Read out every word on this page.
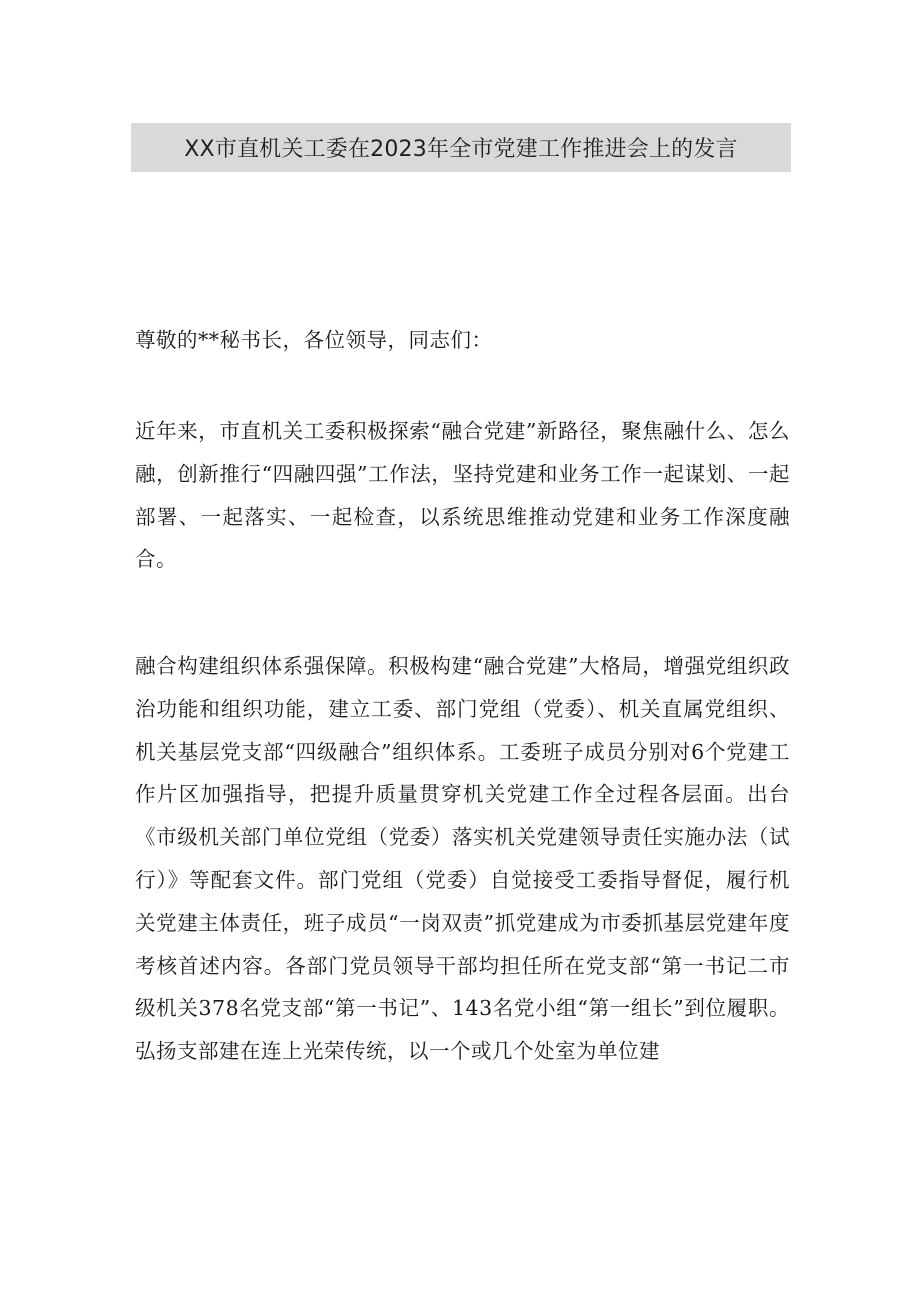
XX市直机关工委在2023年全市党建工作推进会上的发言

尊敬的**秘书长，各位领导，同志们：

近年来，市直机关工委积极探索“融合党建”新路径，聚焦融什么、怎么融，创新推行“四融四强”工作法，坚持党建和业务工作一起谋划、一起部署、一起落实、一起检查，以系统思维推动党建和业务工作深度融合。

融合构建组织体系强保障。积极构建“融合党建”大格局，增强党组织政治功能和组织功能，建立工委、部门党组（党委）、机关直属党组织、机关基层党支部“四级融合”组织体系。工委班子成员分别对6个党建工作片区加强指导，把提升质量贯穿机关党建工作全过程各层面。出台《市级机关部门单位党组（党委）落实机关党建领导责任实施办法（试行）》等配套文件。部门党组（党委）自觉接受工委指导督促，履行机关党建主体责任，班子成员“一岗双责”抓党建成为市委抓基层党建年度考核首述内容。各部门党员领导干部均担任所在党支部“第一书记二市级机关378名党支部“第一书记”、143名党小组“第一组长”到位履职。弘扬支部建在连上光荣传统，以一个或几个处室为单位建
